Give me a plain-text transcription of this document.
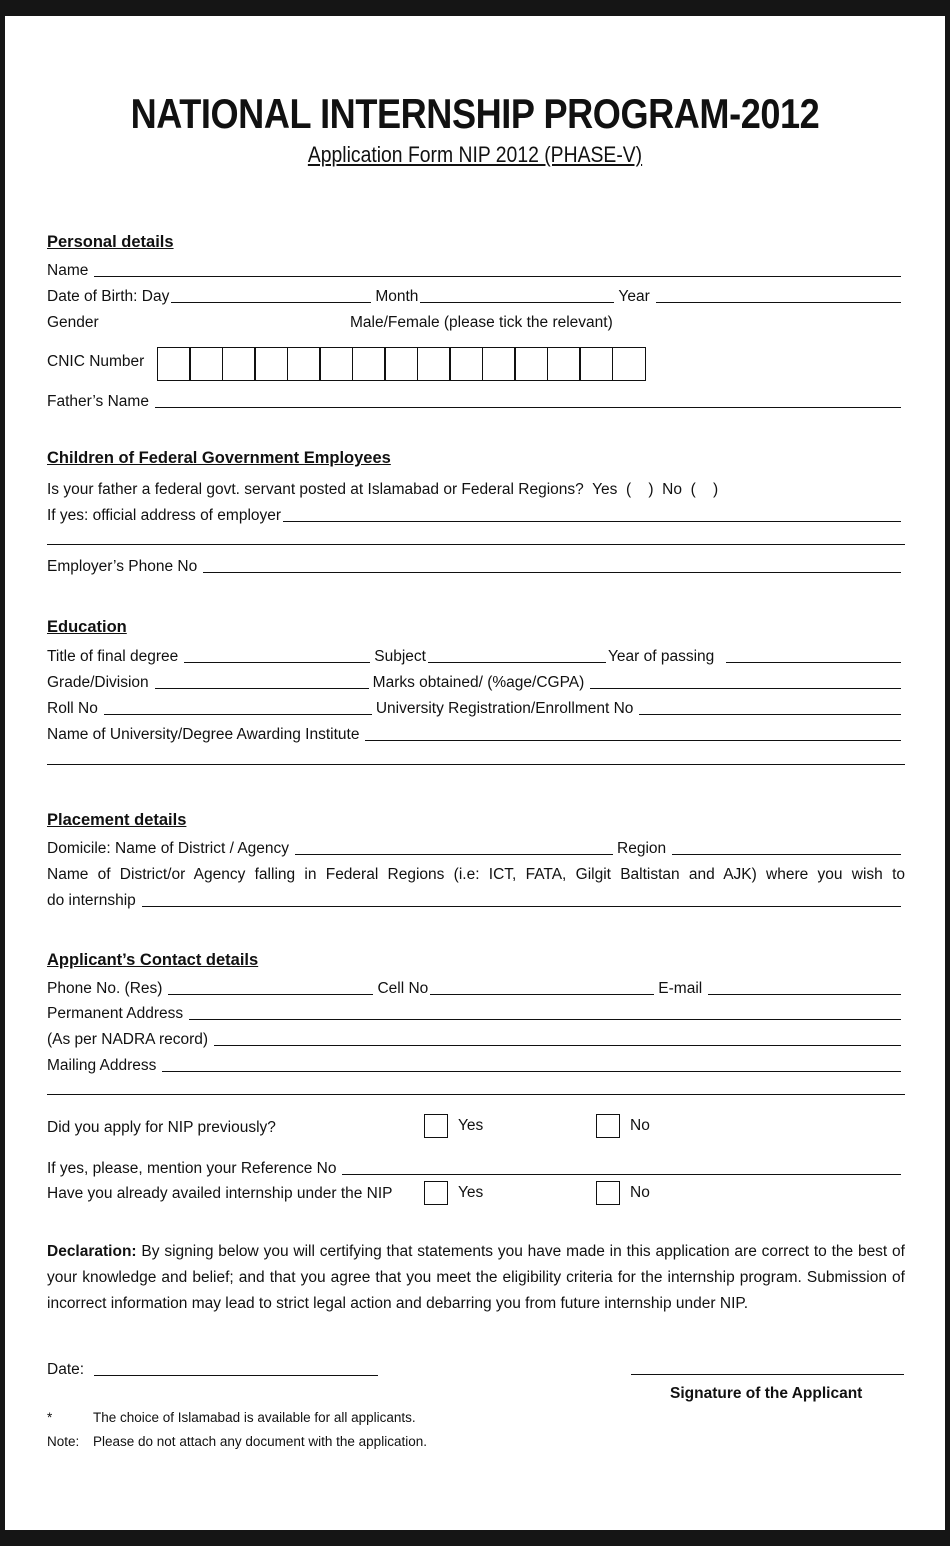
NATIONAL INTERNSHIP PROGRAM-2012
Application Form NIP 2012 (PHASE-V)
Personal details
Name
Date of Birth: Day	Month	Year
Gender	Male/Female (please tick the relevant)
CNIC Number
Father’s Name
Children of Federal Government Employees
Is your father a federal govt. servant posted at Islamabad or Federal Regions?  Yes  (    )  No  (    )
If yes: official address of employer
Employer’s Phone No
Education
Title of final degree	Subject	Year of passing
Grade/Division	Marks obtained/ (%age/CGPA)
Roll No	University Registration/Enrollment No
Name of University/Degree Awarding Institute
Placement details
Domicile: Name of District / Agency	Region
Name of District/or Agency falling in Federal Regions (i.e: ICT, FATA, Gilgit Baltistan and AJK) where you wish to
do internship
Applicant’s Contact details
Phone No. (Res)	Cell No	E-mail
Permanent Address
(As per NADRA record)
Mailing Address
Did you apply for NIP previously?	Yes	No
If yes, please, mention your Reference No
Have you already availed internship under the NIP	Yes	No
Declaration: By signing below you will certifying that statements you have made in this application are correct to the best of your knowledge and belief; and that you agree that you meet the eligibility criteria for the internship program. Submission of incorrect information may lead to strict legal action and debarring you from future internship under NIP.
Date:
Signature of the Applicant
*	The choice of Islamabad is available for all applicants.
Note: Please do not attach any document with the application.
